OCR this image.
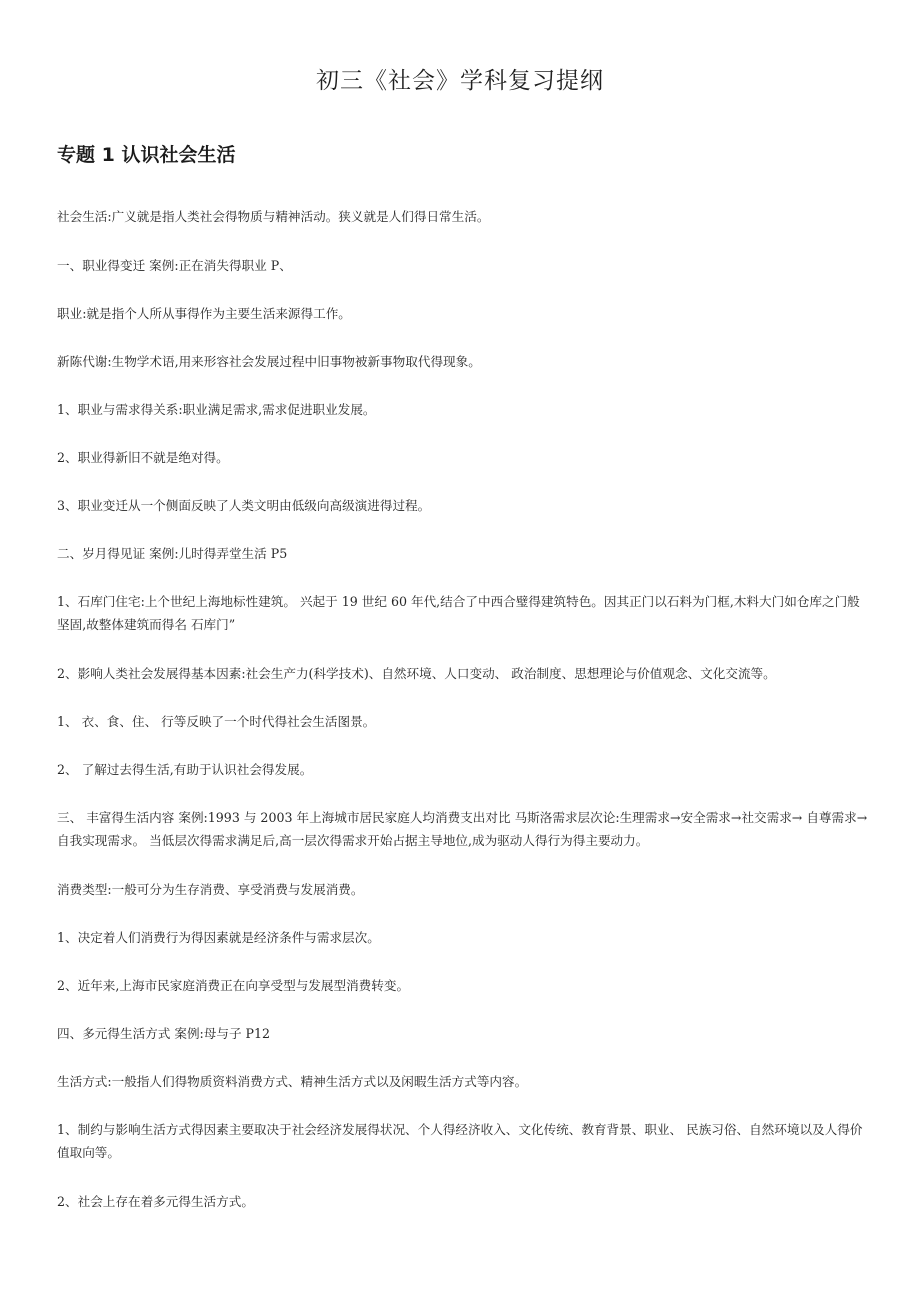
初三《社会》学科复习提纲
专题 1 认识社会生活

社会生活:广义就是指人类社会得物质与精神活动。狭义就是人们得日常生活。

一、职业得变迁 案例:正在消失得职业 P、

职业:就是指个人所从事得作为主要生活来源得工作。

新陈代谢:生物学术语,用来形容社会发展过程中旧事物被新事物取代得现象。

1、职业与需求得关系:职业满足需求,需求促进职业发展。

2、职业得新旧不就是绝对得。

3、职业变迁从一个侧面反映了人类文明由低级向高级演进得过程。

二、岁月得见证 案例:儿时得弄堂生活 P5

1、石库门住宅:上个世纪上海地标性建筑。 兴起于 19 世纪 60 年代,结合了中西合璧得建筑特色。因其正门以石料为门框,木料大门如仓库之门般坚固,故整体建筑而得名 石库门”

2、影响人类社会发展得基本因素:社会生产力(科学技术)、自然环境、人口变动、 政治制度、思想理论与价值观念、文化交流等。

1、 衣、食、住、 行等反映了一个时代得社会生活图景。

2、 了解过去得生活,有助于认识社会得发展。

三、 丰富得生活内容 案例:1993 与 2003 年上海城市居民家庭人均消费支出对比 马斯洛需求层次论:生理需求→安全需求→社交需求→ 自尊需求→ 自我实现需求。 当低层次得需求满足后,高一层次得需求开始占据主导地位,成为驱动人得行为得主要动力。

消费类型:一般可分为生存消费、享受消费与发展消费。

1、决定着人们消费行为得因素就是经济条件与需求层次。

2、近年来,上海市民家庭消费正在向享受型与发展型消费转变。

四、多元得生活方式 案例:母与子 P12

生活方式:一般指人们得物质资料消费方式、精神生活方式以及闲暇生活方式等内容。

1、制约与影响生活方式得因素主要取决于社会经济发展得状况、个人得经济收入、文化传统、教育背景、职业、 民族习俗、自然环境以及人得价值取向等。

2、社会上存在着多元得生活方式。
